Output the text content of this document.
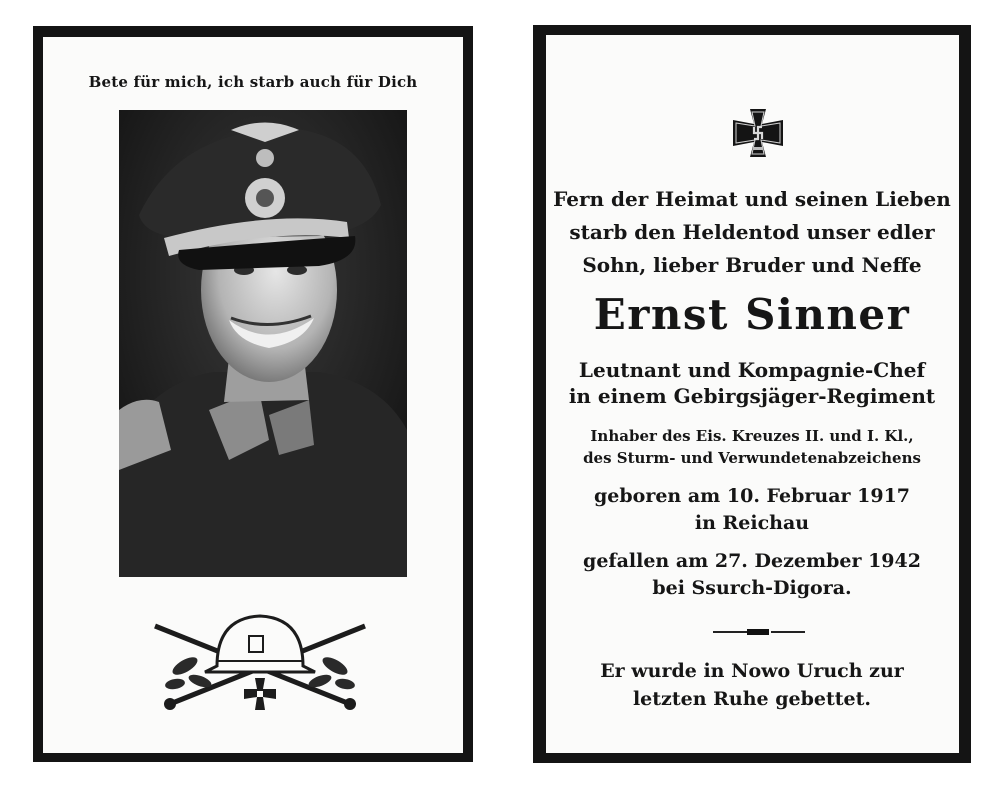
Bete für mich, ich starb auch für Dich
Fern der Heimat und seinen Lieben
starb den Heldentod unser edler
Sohn, lieber Bruder und Neffe
Ernst Sinner
Leutnant und Kompagnie-Chef
in einem Gebirgsjäger-Regiment
Inhaber des Eis. Kreuzes II. und I. Kl.,
des Sturm- und Verwundetenabzeichens
geboren am 10. Februar 1917
in Reichau
gefallen am 27. Dezember 1942
bei Ssurch-Digora.
Er wurde in Nowo Uruch zur
letzten Ruhe gebettet.
